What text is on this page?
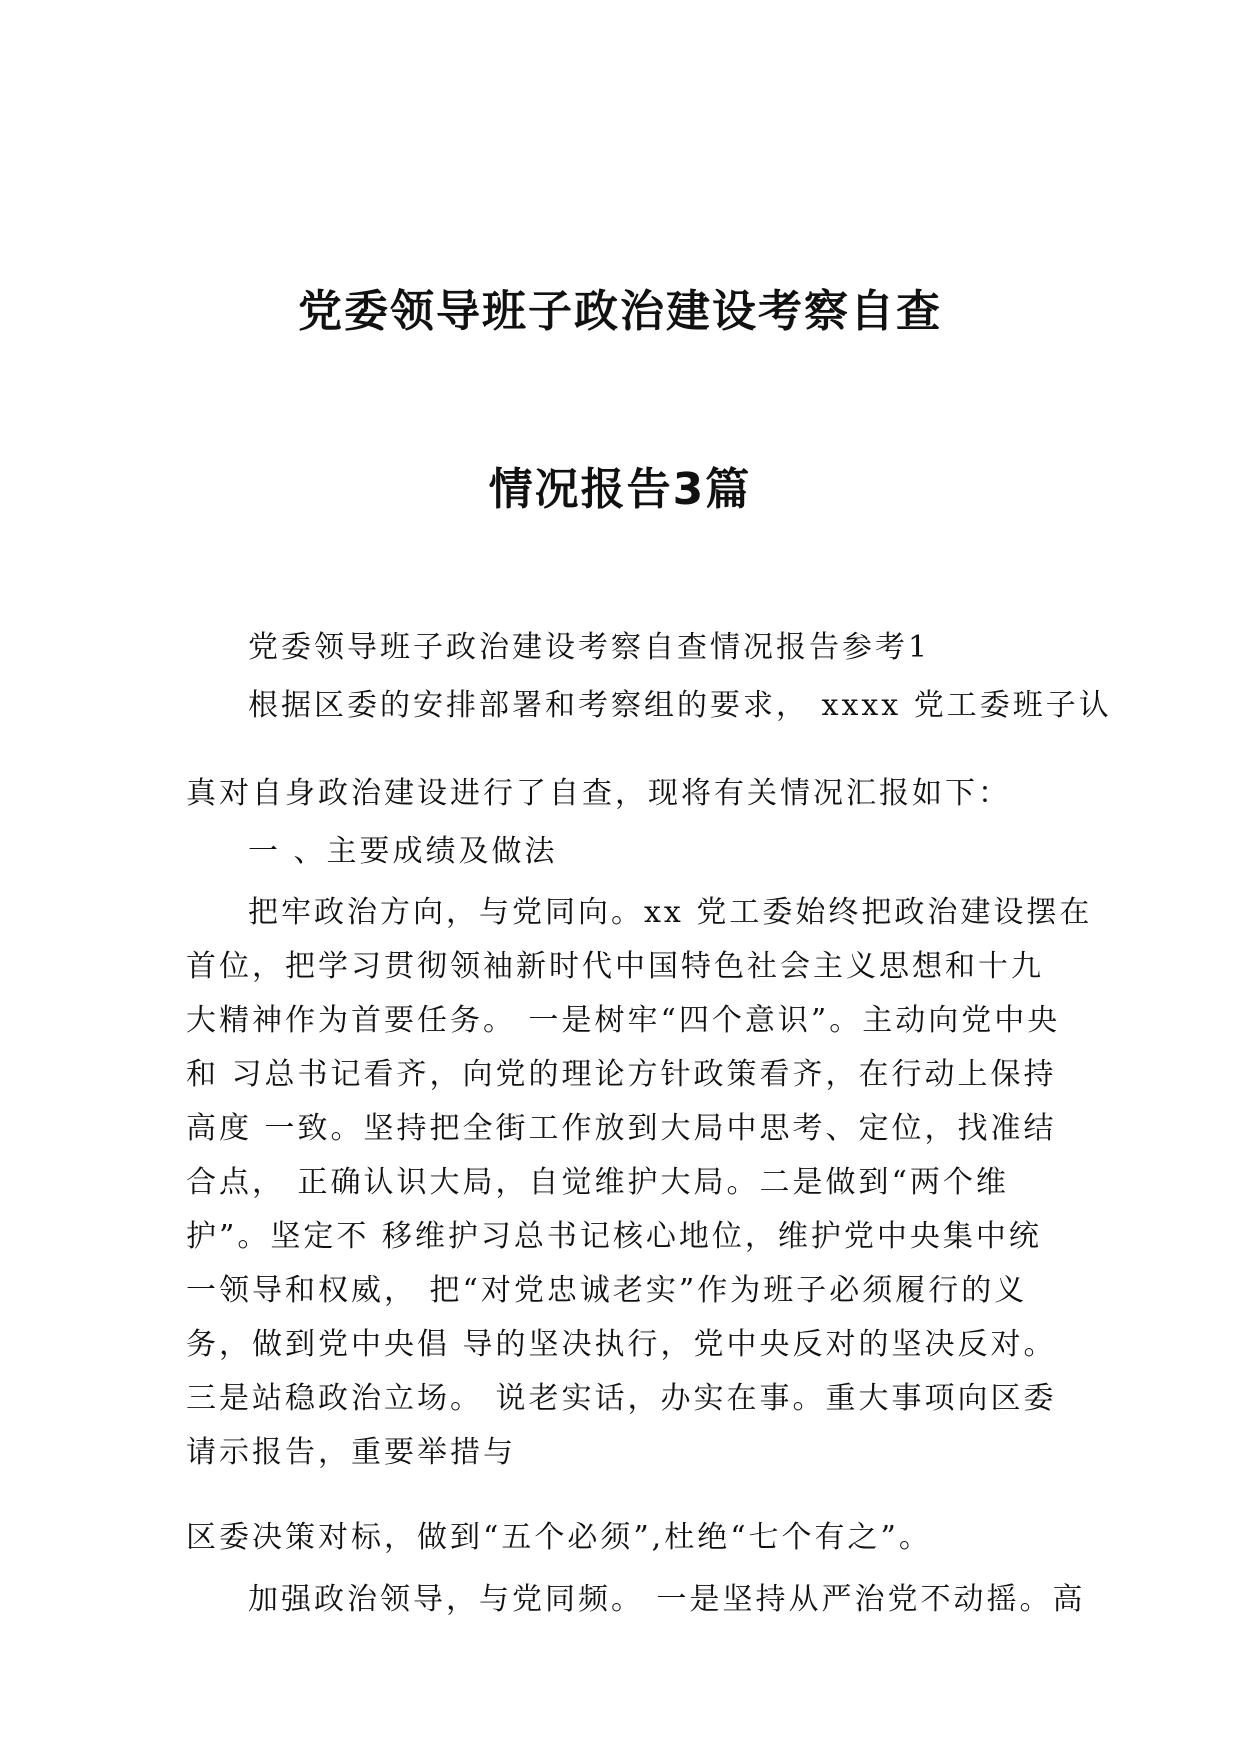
党委领导班子政治建设考察自查
情况报告3篇
党委领导班子政治建设考察自查情况报告参考1
根据区委的安排部署和考察组的要求， xxxx 党工委班子认
真对自身政治建设进行了自查，现将有关情况汇报如下：
一 、主要成绩及做法
把牢政治方向，与党同向。xx 党工委始终把政治建设摆在
首位，把学习贯彻领袖新时代中国特色社会主义思想和十九
大精神作为首要任务。 一是树牢“四个意识”。主动向党中央
和 习总书记看齐，向党的理论方针政策看齐，在行动上保持
高度 一致。坚持把全街工作放到大局中思考、定位，找准结
合点， 正确认识大局，自觉维护大局。二是做到“两个维
护”。坚定不 移维护习总书记核心地位，维护党中央集中统
一领导和权威， 把“对党忠诚老实”作为班子必须履行的义
务，做到党中央倡 导的坚决执行，党中央反对的坚决反对。
三是站稳政治立场。 说老实话，办实在事。重大事项向区委
请示报告，重要举措与
区委决策对标，做到“五个必须”,杜绝“七个有之”。
加强政治领导，与党同频。 一是坚持从严治党不动摇。高
